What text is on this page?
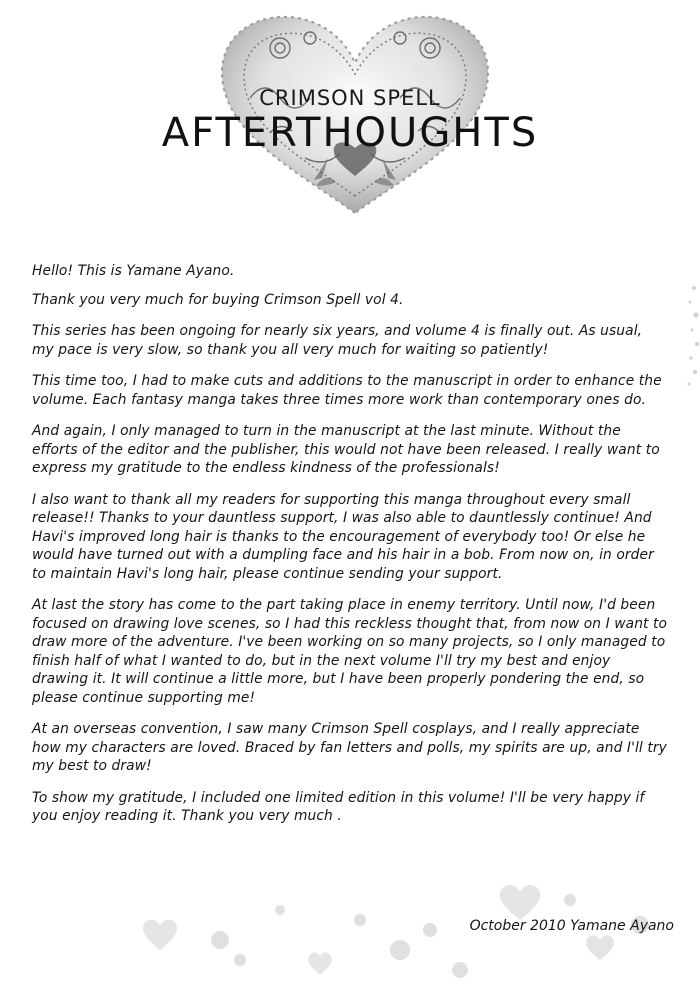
CRIMSON SPELL
AFTERTHOUGHTS

Hello! This is Yamane Ayano.

Thank you very much for buying Crimson Spell vol 4.

This series has been ongoing for nearly six years, and volume 4 is finally out. As usual, my pace is very slow, so thank you all very much for waiting so patiently!

This time too, I had to make cuts and additions to the manuscript in order to enhance the volume. Each fantasy manga takes three times more work than contemporary ones do.

And again, I only managed to turn in the manuscript at the last minute. Without the efforts of the editor and the publisher, this would not have been released. I really want to express my gratitude to the endless kindness of the professionals!

I also want to thank all my readers for supporting this manga throughout every small release!! Thanks to your dauntless support, I was also able to dauntlessly continue! And Havi's improved long hair is thanks to the encouragement of everybody too! Or else he would have turned out with a dumpling face and his hair in a bob. From now on, in order to maintain Havi's long hair, please continue sending your support.

At last the story has come to the part taking place in enemy territory. Until now, I'd been focused on drawing love scenes, so I had this reckless thought that, from now on I want to draw more of the adventure. I've been working on so many projects, so I only managed to finish half of what I wanted to do, but in the next volume I'll try my best and enjoy drawing it. It will continue a little more, but I have been properly pondering the end, so please continue supporting me!

At an overseas convention, I saw many Crimson Spell cosplays, and I really appreciate how my characters are loved. Braced by fan letters and polls, my spirits are up, and I'll try my best to draw!

To show my gratitude, I included one limited edition in this volume! I'll be very happy if you enjoy reading it. Thank you very much .

October 2010 Yamane Ayano
